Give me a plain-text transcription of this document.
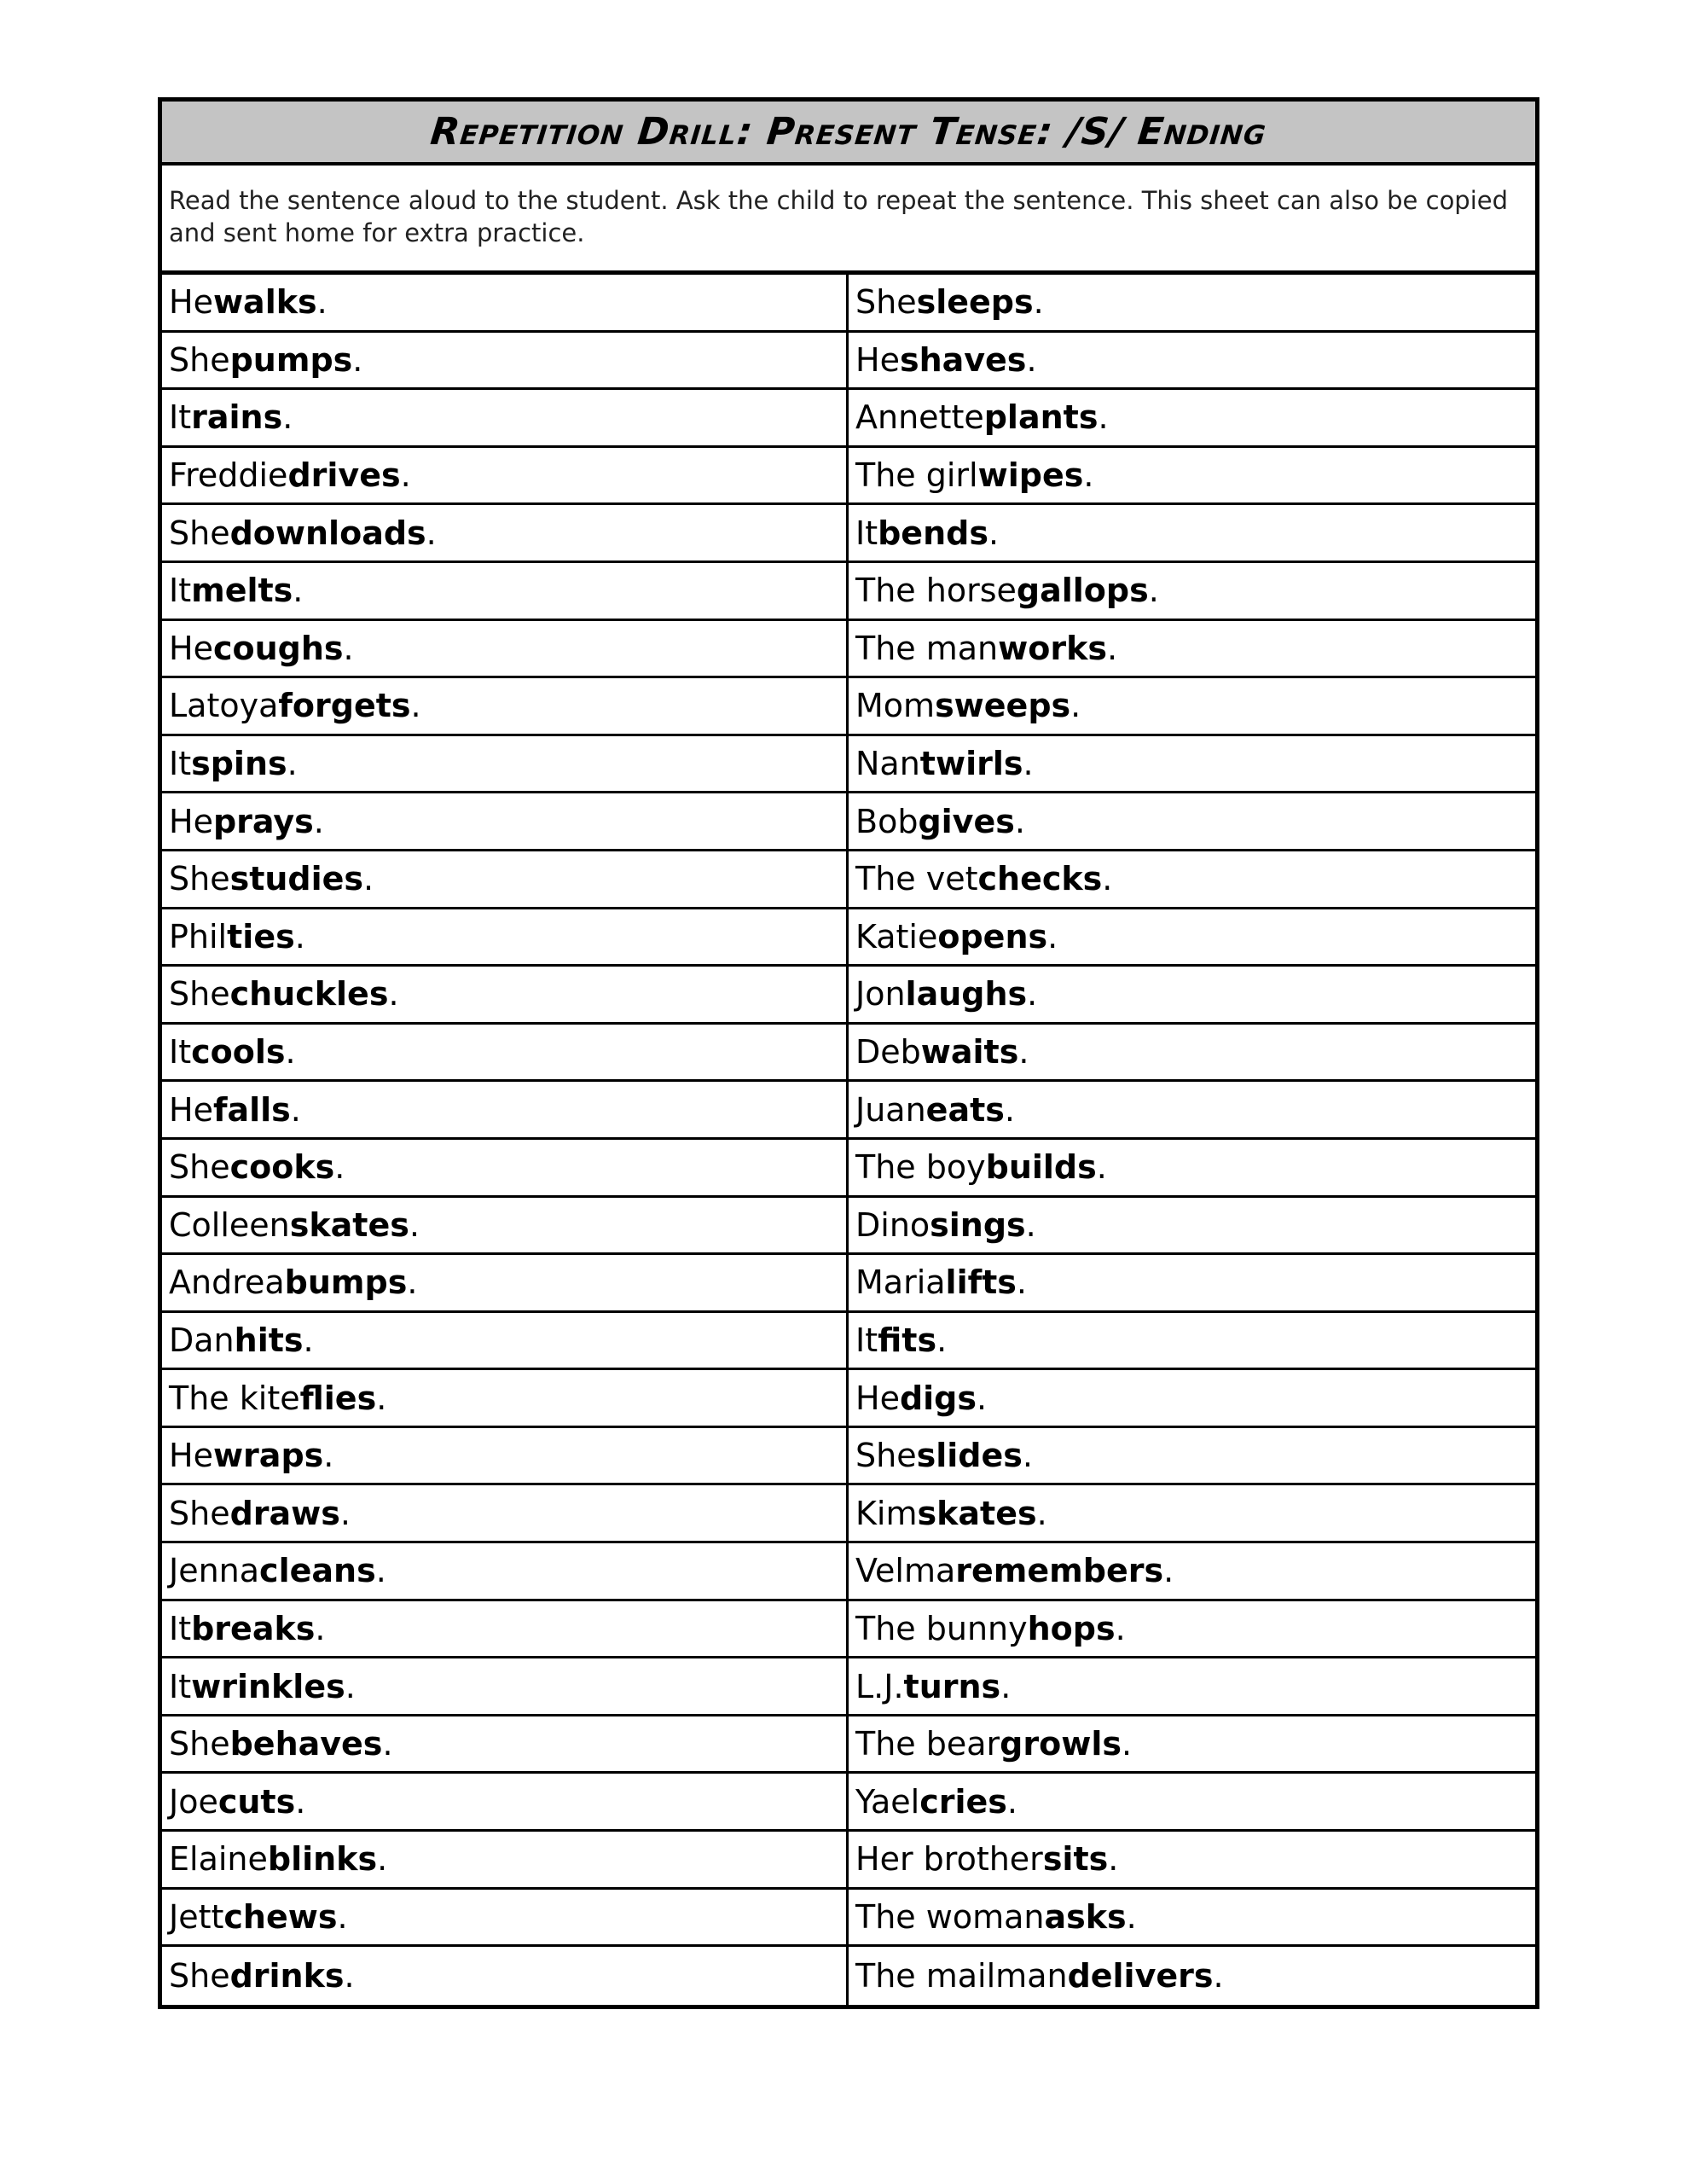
Repetition Drill: Present Tense: /S/ Ending
Read the sentence aloud to the student. Ask the child to repeat the sentence. This sheet can also be copied and sent home for extra practice.
He walks .	She sleeps .
She pumps .	He shaves .
It rains .	Annette plants .
Freddie drives .	The girl wipes .
She downloads .	It bends .
It melts .	The horse gallops .
He coughs .	The man works .
Latoya forgets .	Mom sweeps .
It spins .	Nan twirls .
He prays .	Bob gives .
She studies .	The vet checks .
Phil ties .	Katie opens .
She chuckles .	Jon laughs .
It cools .	Deb waits .
He falls .	Juan eats .
She cooks .	The boy builds .
Colleen skates .	Dino sings .
Andrea bumps .	Maria lifts .
Dan hits .	It fits .
The kite flies .	He digs .
He wraps .	She slides .
She draws .	Kim skates .
Jenna cleans .	Velma remembers .
It breaks .	The bunny hops .
It wrinkles .	L.J. turns .
She behaves .	The bear growls .
Joe cuts .	Yael cries .
Elaine blinks .	Her brother sits .
Jett chews .	The woman asks .
She drinks .	The mailman delivers .
